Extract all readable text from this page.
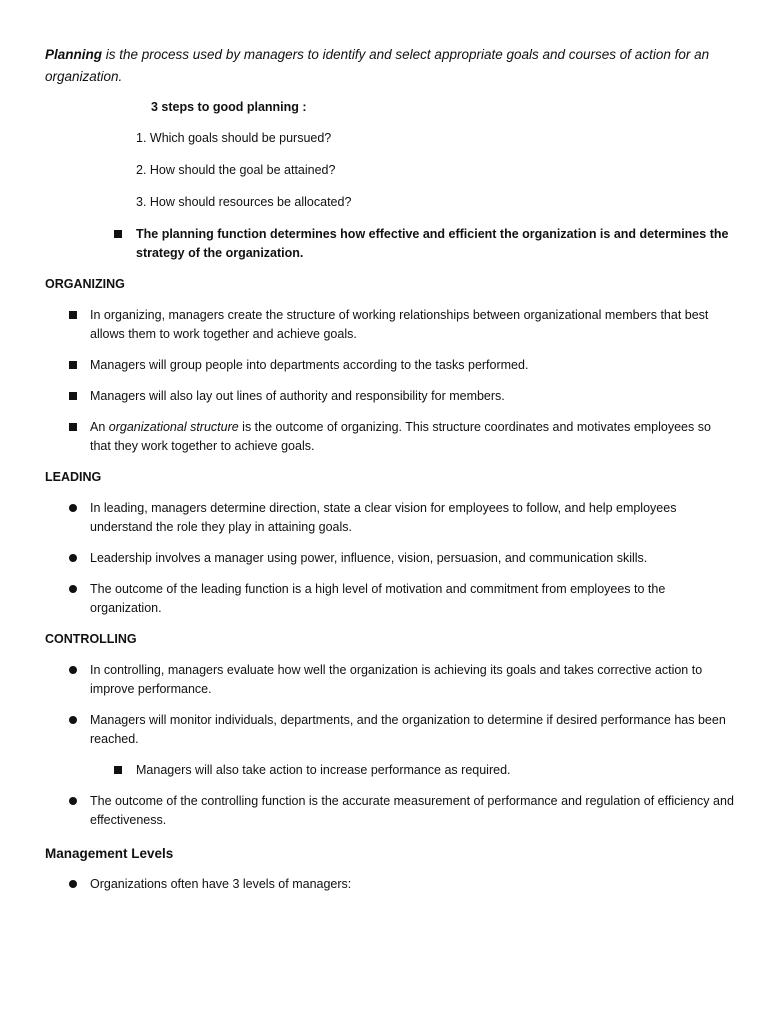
Planning is the process used by managers to identify and select appropriate goals and courses of action for an organization.

3 steps to good planning :
1. Which goals should be pursued?
2. How should the goal be attained?
3. How should resources be allocated?
The planning function determines how effective and efficient the organization is and determines the strategy of the organization.
ORGANIZING
In organizing, managers create the structure of working relationships between organizational members that best allows them to work together and achieve goals.
Managers will group people into departments according to the tasks performed.
Managers will also lay out lines of authority and responsibility for members.
An organizational structure is the outcome of organizing. This structure coordinates and motivates employees so that they work together to achieve goals.
LEADING
In leading, managers determine direction, state a clear vision for employees to follow, and help employees understand the role they play in attaining goals.
Leadership involves a manager using power, influence, vision, persuasion, and communication skills.
The outcome of the leading function is a high level of motivation and commitment from employees to the organization.
CONTROLLING
In controlling, managers evaluate how well the organization is achieving its goals and takes corrective action to improve performance.
Managers will monitor individuals, departments, and the organization to determine if desired performance has been reached.
Managers will also take action to increase performance as required.
The outcome of the controlling function is the accurate measurement of performance and regulation of efficiency and effectiveness.
Management Levels
Organizations often have 3 levels of managers:
